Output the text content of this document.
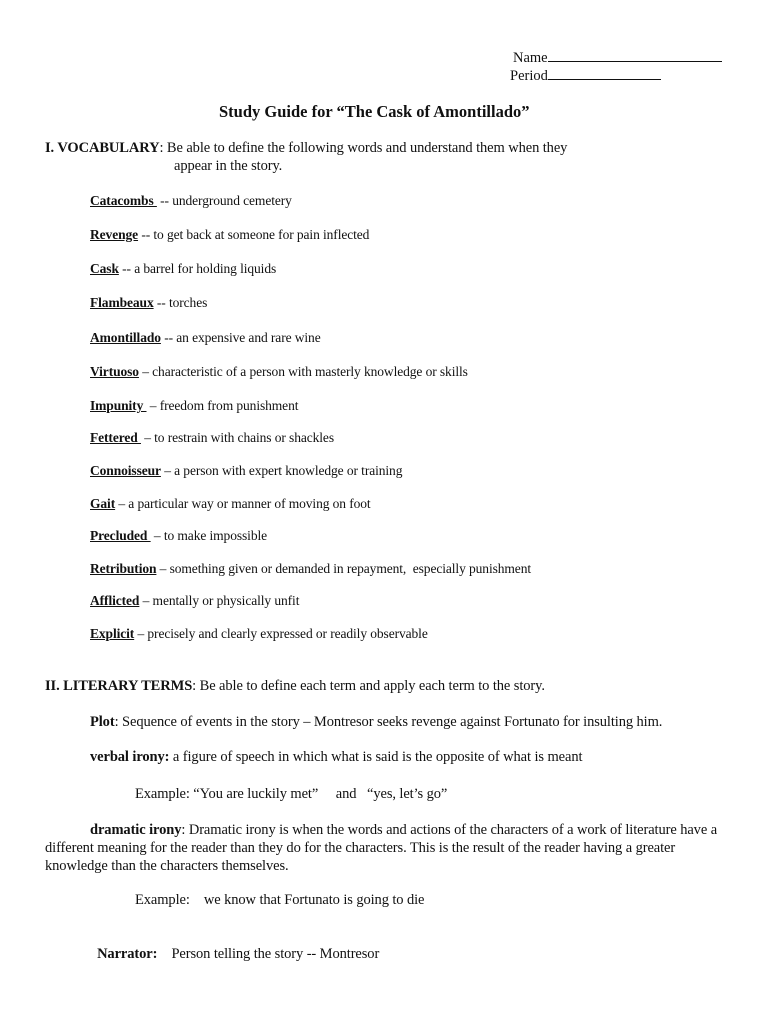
Name
Period
Study Guide for “The Cask of Amontillado”
I. VOCABULARY: Be able to define the following words and understand them when they
appear in the story.
Catacombs  -- underground cemetery
Revenge -- to get back at someone for pain inflected
Cask -- a barrel for holding liquids
Flambeaux -- torches
Amontillado -- an expensive and rare wine
Virtuoso – characteristic of a person with masterly knowledge or skills
Impunity  – freedom from punishment
Fettered  – to restrain with chains or shackles
Connoisseur – a person with expert knowledge or training
Gait – a particular way or manner of moving on foot
Precluded  – to make impossible
Retribution – something given or demanded in repayment,  especially punishment
Afflicted – mentally or physically unfit
Explicit – precisely and clearly expressed or readily observable
II. LITERARY TERMS: Be able to define each term and apply each term to the story.
Plot: Sequence of events in the story – Montresor seeks revenge against Fortunato for insulting him.
verbal irony: a figure of speech in which what is said is the opposite of what is meant
Example: “You are luckily met”     and   “yes, let’s go”
dramatic irony: Dramatic irony is when the words and actions of the characters of a work of literature have a different meaning for the reader than they do for the characters. This is the result of the reader having a greater knowledge than the characters themselves.
Example:    we know that Fortunato is going to die

Narrator:    Person telling the story -- Montresor
